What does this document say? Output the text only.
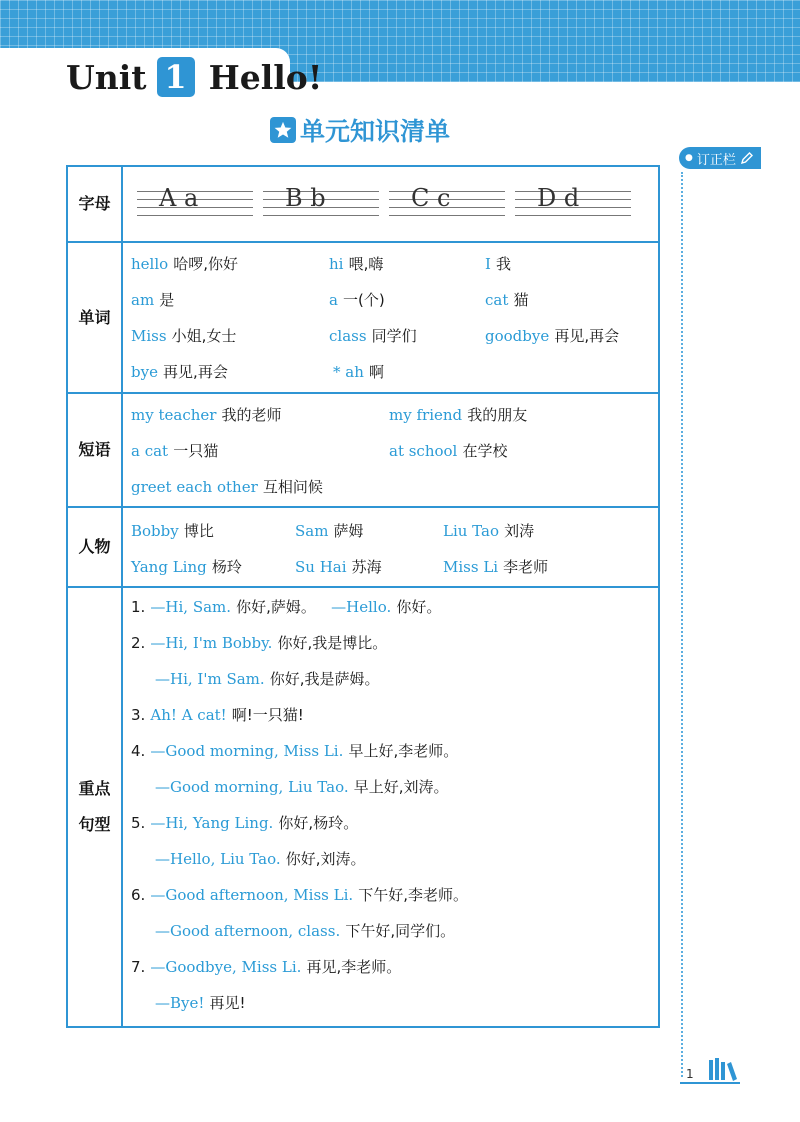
Unit 1 Hello!
单元知识清单
● 订正栏
1
字母	A a	B b	C c	D d
单词
hello 哈啰,你好	hi 喂,嗨	I 我
am 是	a 一(个)	cat 猫
Miss 小姐,女士	class 同学们	goodbye 再见,再会
bye 再见,再会	* ah 啊
短语
my teacher 我的老师	my friend 我的朋友
a cat 一只猫	at school 在学校
greet each other 互相问候
人物
Bobby 博比	Sam 萨姆	Liu Tao 刘涛
Yang Ling 杨玲	Su Hai 苏海	Miss Li 李老师
重点
句型
1. —Hi, Sam. 你好,萨姆。 —Hello. 你好。
2. —Hi, I'm Bobby. 你好,我是博比。
—Hi, I'm Sam. 你好,我是萨姆。
3. Ah! A cat! 啊!一只猫!
4. —Good morning, Miss Li. 早上好,李老师。
—Good morning, Liu Tao. 早上好,刘涛。
5. —Hi, Yang Ling. 你好,杨玲。
—Hello, Liu Tao. 你好,刘涛。
6. —Good afternoon, Miss Li. 下午好,李老师。
—Good afternoon, class. 下午好,同学们。
7. —Goodbye, Miss Li. 再见,李老师。
—Bye! 再见!
